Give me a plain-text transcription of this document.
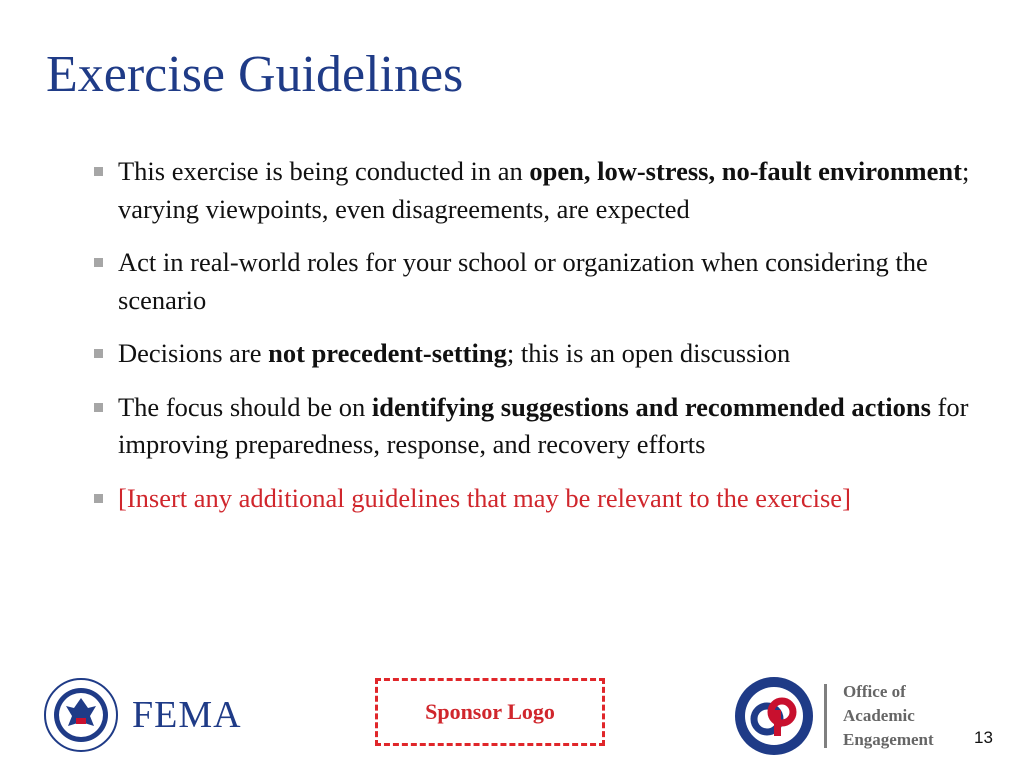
Exercise Guidelines
This exercise is being conducted in an open, low-stress, no-fault environment; varying viewpoints, even disagreements, are expected
Act in real-world roles for your school or organization when considering the scenario
Decisions are not precedent-setting; this is an open discussion
The focus should be on identifying suggestions and recommended actions for improving preparedness, response, and recovery efforts
[Insert any additional guidelines that may be relevant to the exercise]
FEMA	Sponsor Logo
Office of
Academic
Engagement 13
